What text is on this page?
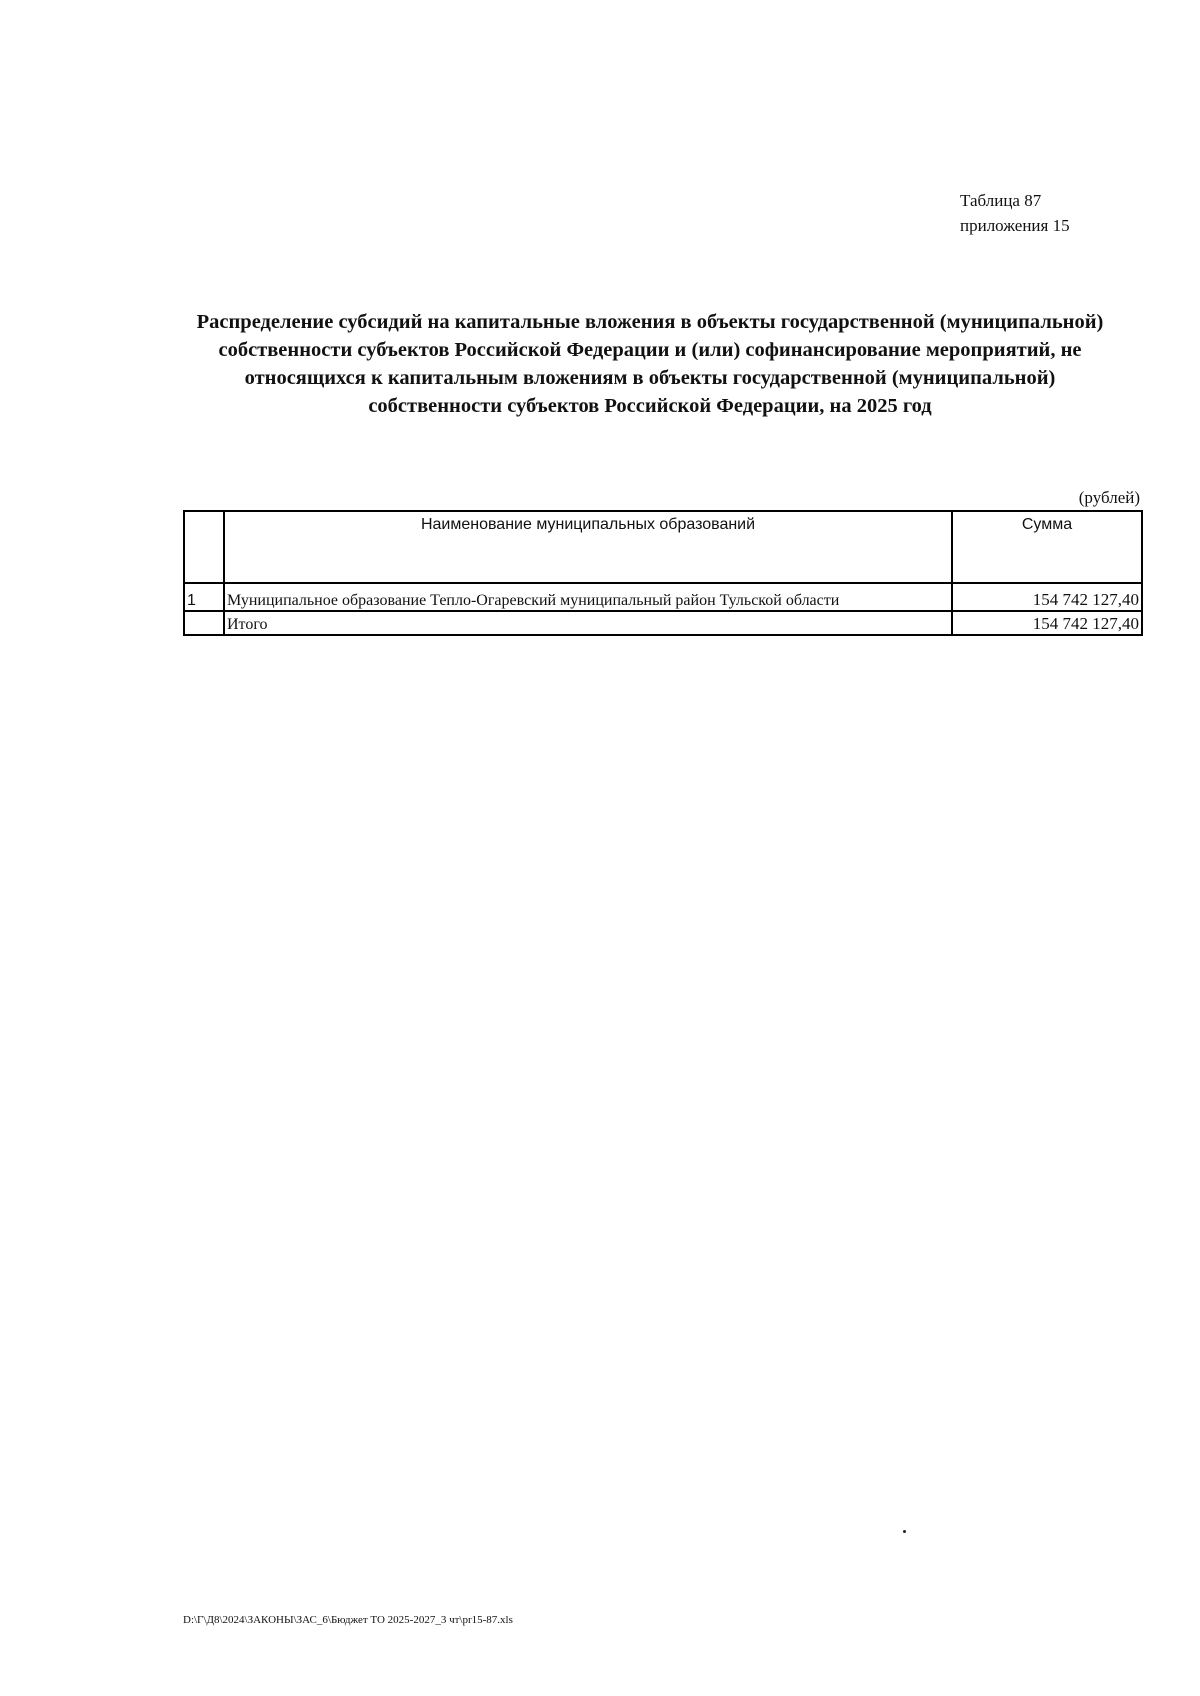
Таблица 87
приложения 15
Распределение субсидий на капитальные вложения в объекты государственной (муниципальной)
собственности субъектов Российской Федерации и (или) софинансирование мероприятий, не
относящихся к капитальным вложениям в объекты государственной (муниципальной)
собственности субъектов Российской Федерации, на 2025 год
(рублей)
	Наименование муниципальных образований	Сумма
1	Муниципальное образование Тепло-Огаревский муниципальный район Тульской области	154 742 127,40
	Итого	154 742 127,40
D:\Г\Д8\2024\ЗАКОНЫ\ЗАС_6\Бюджет ТО 2025-2027_3 чт\pr15-87.xls
